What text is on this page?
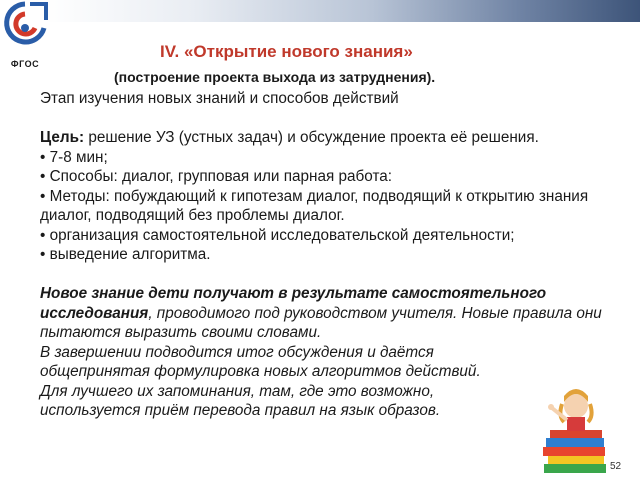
ФГОС
IV. «Открытие нового знания»
(построение проекта выхода из затруднения).

Этап изучения новых знаний и способов действий

Цель: решение УЗ (устных задач) и обсуждение проекта её решения.

• 7-8 мин;

• Способы: диалог, групповая или парная работа:

• Методы: побуждающий к гипотезам диалог, подводящий к открытию знания диалог, подводящий без проблемы диалог.

• организация самостоятельной исследовательской деятельности;

• выведение алгоритма.

Новое знание дети получают в результате самостоятельного исследования, проводимого под руководством учителя. Новые правила они пытаются выразить своими словами.

В завершении подводится итог обсуждения и даётся

общепринятая формулировка новых алгоритмов действий.

Для лучшего их запоминания, там, где это возможно,

используется приём перевода правил на язык образов.

52
